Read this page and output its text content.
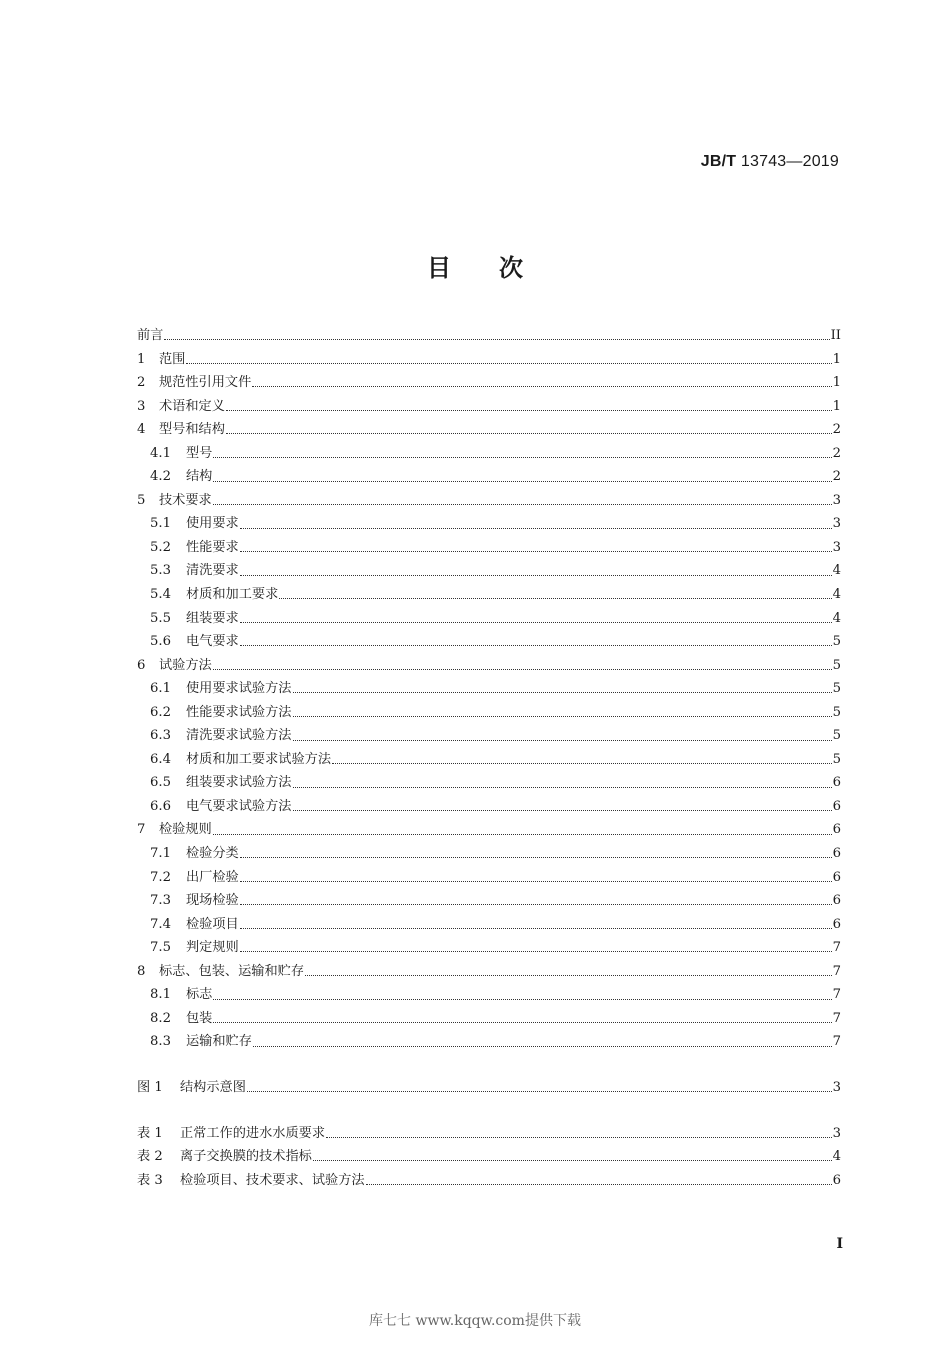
JB/T 13743—2019
目次
前言	II
1	范围	1
2	规范性引用文件	1
3	术语和定义	1
4	型号和结构	2
4.1	型号	2
4.2	结构	2
5	技术要求	3
5.1	使用要求	3
5.2	性能要求	3
5.3	清洗要求	4
5.4	材质和加工要求	4
5.5	组装要求	4
5.6	电气要求	5
6	试验方法	5
6.1	使用要求试验方法	5
6.2	性能要求试验方法	5
6.3	清洗要求试验方法	5
6.4	材质和加工要求试验方法	5
6.5	组装要求试验方法	6
6.6	电气要求试验方法	6
7	检验规则	6
7.1	检验分类	6
7.2	出厂检验	6
7.3	现场检验	6
7.4	检验项目	6
7.5	判定规则	7
8	标志、包装、运输和贮存	7
8.1	标志	7
8.2	包装	7
8.3	运输和贮存	7
图 1	结构示意图	3
表 1	正常工作的进水水质要求	3
表 2	离子交换膜的技术指标	4
表 3	检验项目、技术要求、试验方法	6
I
库七七 www.kqqw.com提供下载
